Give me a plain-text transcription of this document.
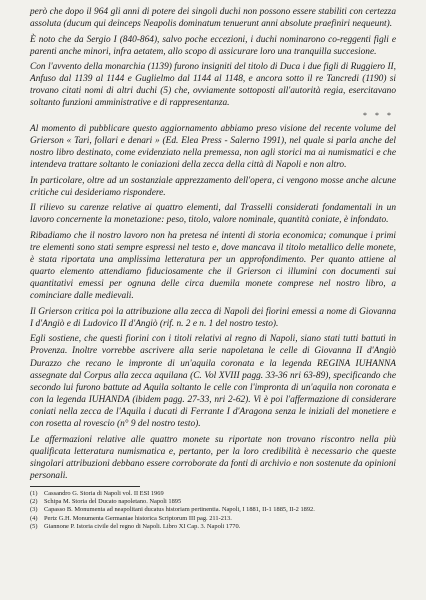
però che dopo il 964 gli anni di potere dei singoli duchi non possono essere stabiliti con certezza assoluta (ducum qui deinceps Neapolis dominatum tenuerunt anni absolute praefiniri nequeunt).

È noto che da Sergio I (840-864), salvo poche eccezioni, i duchi nominarono co-reggenti figli e parenti anche minori, infra aetatem, allo scopo di assicurare loro una tranquilla succesione.

Con l'avvento della monarchia (1139) furono insigniti del titolo di Duca i due figli di Ruggiero II, Anfuso dal 1139 al 1144 e Guglielmo dal 1144 al 1148, e ancora sotto il re Tancredi (1190) si trovano citati nomi di altri duchi (5) che, ovviamente sottoposti all'autorità regia, esercitavano soltanto funzioni amministrative e di rappresentanza.

* * *

Al momento di pubblicare questo aggiornamento abbiamo preso visione del recente volume del Grierson « Tari, follari e denari » (Ed. Elea Press - Salerno 1991), nel quale si parla anche del nostro libro destinato, come evidenziato nella premessa, non agli storici ma ai numismatici e che intendeva trattare soltanto le coniazioni della zecca della città di Napoli e non altro.

In particolare, oltre ad un sostanziale apprezzamento dell'opera, ci vengono mosse anche alcune critiche cui desideriamo rispondere.

Il rilievo su carenze relative ai quattro elementi, dal Trasselli considerati fondamentali in un lavoro concernente la monetazione: peso, titolo, valore nominale, quantità coniate, è infondato.

Ribadiamo che il nostro lavoro non ha pretesa né intenti di storia economica; comunque i primi tre elementi sono stati sempre espressi nel testo e, dove mancava il titolo metallico delle monete, è stata riportata una amplissima letteratura per un approfondimento. Per quanto attiene al quarto elemento attendiamo fiduciosamente che il Grierson ci illumini con documenti sui quantitativi emessi per ognuna delle circa duemila monete comprese nel nostro libro, a cominciare dalle medievali.

Il Grierson critica poi la attribuzione alla zecca di Napoli dei fiorini emessi a nome di Giovanna I d'Angiò e di Ludovico II d'Angiò (rif. n. 2 e n. 1 del nostro testo).

Egli sostiene, che questi fiorini con i titoli relativi al regno di Napoli, siano stati tutti battuti in Provenza. Inoltre vorrebbe ascrivere alla serie napoletana le celle di Giovanna II d'Angiò Durazzo che recano le impronte di un'aquila coronata e la legenda REGINA IUHANNA assegnate dal Corpus alla zecca aquilana (C. Vol XVIII pagg. 33-36 nri 63-89), specificando che secondo lui furono battute ad Aquila soltanto le celle con l'impronta di un'aquila non coronata e con la legenda IUHANDA (ibidem pagg. 27-33, nri 2-62). Vi è poi l'affermazione di considerare coniati nella zecca de l'Aquila i ducati di Ferrante I d'Aragona senza le iniziali del monetiere e con rosetta al rovescio (n° 9 del nostro testo).

Le affermazioni relative alle quattro monete su riportate non trovano riscontro nella più qualificata letteratura numismatica e, pertanto, per la loro credibilità è necessario che queste singolari attribuzioni debbano essere corroborate da fonti di archivio e non sostenute da opinioni personali.

(1) Cassandro G. Storia di Napoli vol. II ESI 1969
(2) Schipa M. Storia del Ducato napoletano. Napoli 1895
(3) Capasso B. Monumenta ad neapolitani ducatus historiam pertinentia. Napoli, I 1881, II-1 1885, II-2 1892.
(4) Pertz G.H. Monumenta Germaniae historica Scriptorum III pag. 211-213.
(5) Giannone P. Istoria civile del regno di Napoli. Libro XI Cap. 3. Napoli 1770.
